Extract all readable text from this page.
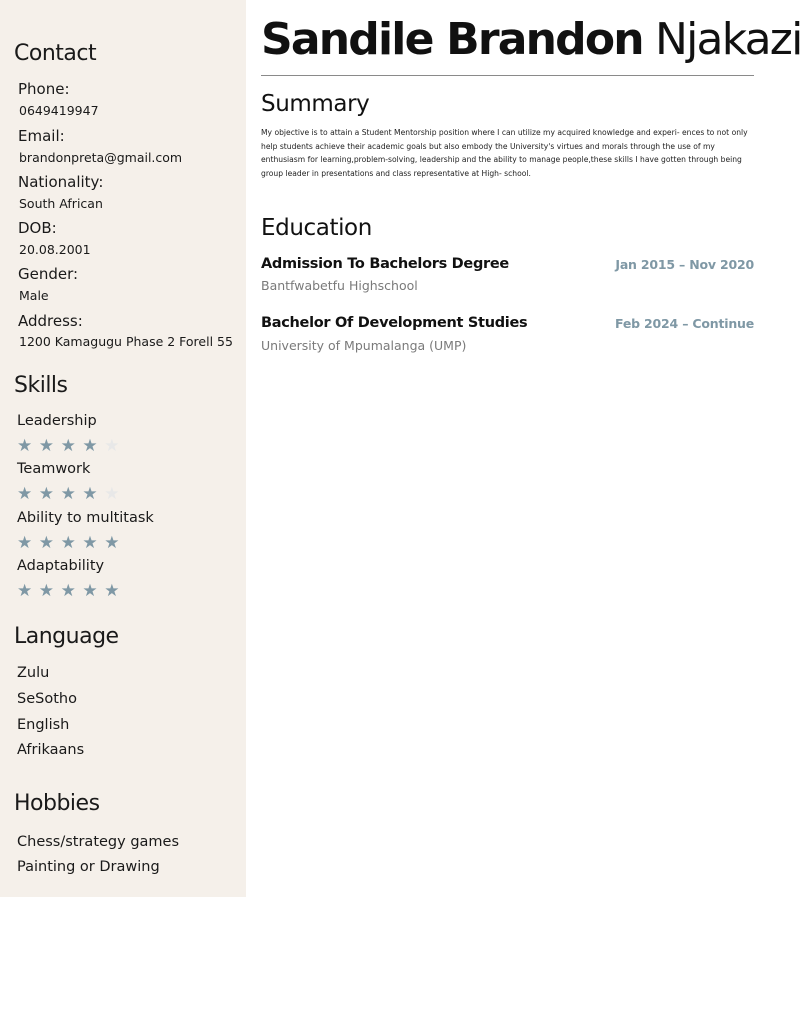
Contact
Phone:
0649419947
Email:
brandonpreta@gmail.com
Nationality:
South African
DOB:
20.08.2001
Gender:
Male
Address:
1200 Kamagugu Phase 2 Forell 55
Skills
Leadership
★ ★ ★ ★ ★
Teamwork
★ ★ ★ ★ ★
Ability to multitask
★ ★ ★ ★ ★
Adaptability
★ ★ ★ ★ ★
Language
Zulu
SeSotho
English
Afrikaans
Hobbies
Chess/strategy games
Painting or Drawing
Sandile Brandon Njakazi
Summary
My objective is to attain a Student Mentorship position where I can utilize my acquired knowledge and experi- ences to not only help students achieve their academic goals but also embody the University's virtues and morals through the use of my enthusiasm for learning,problem-solving, leadership and the ability to manage people,these skills I have gotten through being group leader in presentations and class representative at High- school.
Education
Admission To Bachelors Degree	Jan 2015 – Nov 2020
Bantfwabetfu Highschool
Bachelor Of Development Studies	Feb 2024 – Continue
University of Mpumalanga (UMP)
